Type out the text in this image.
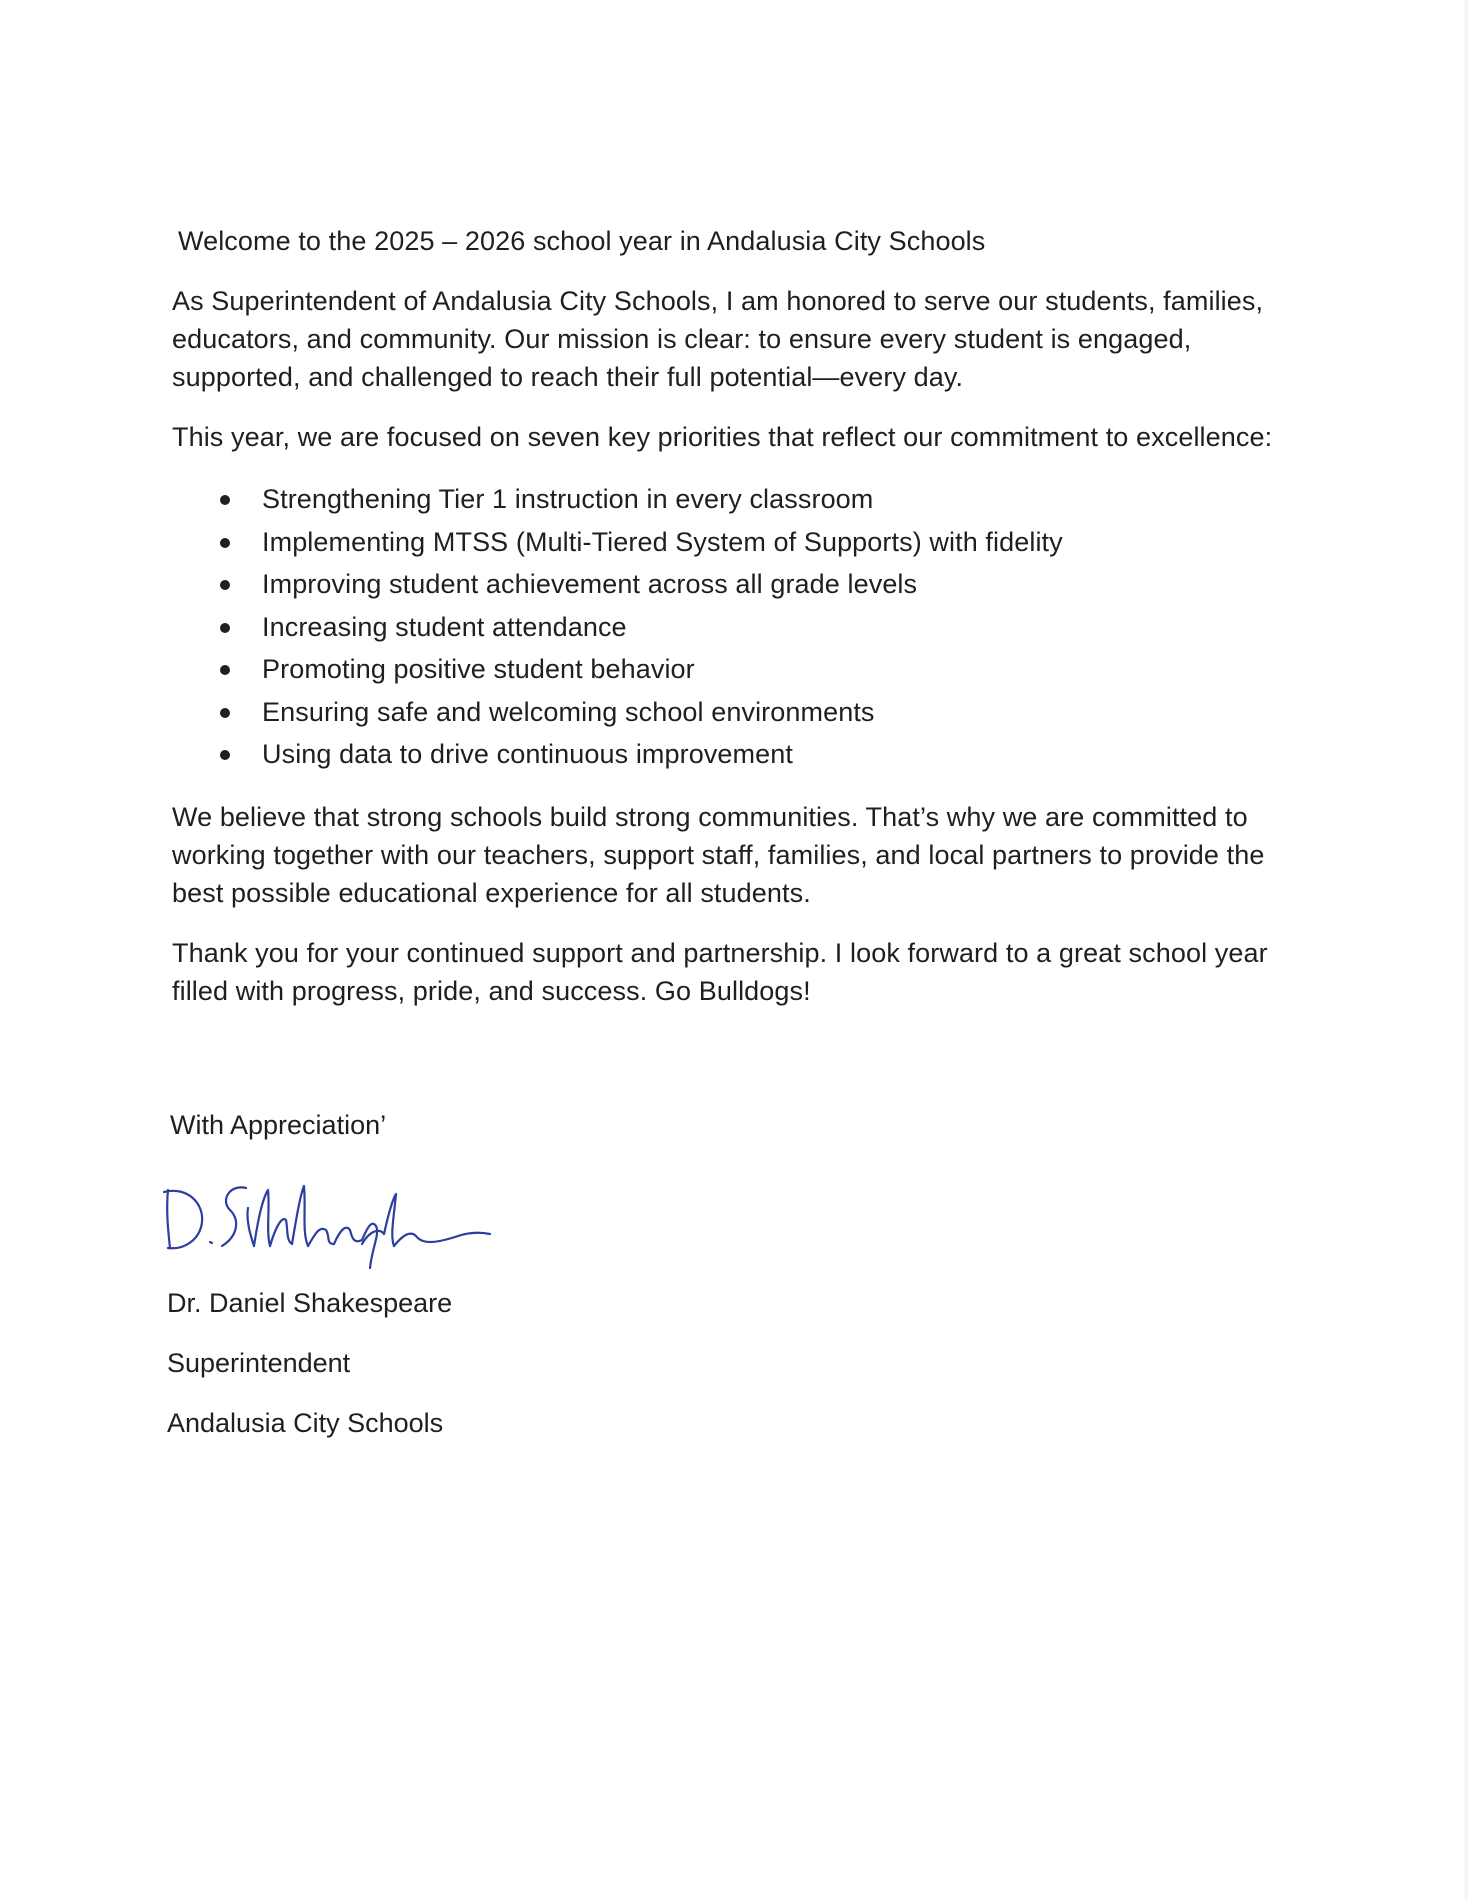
Welcome to the 2025 – 2026 school year in Andalusia City Schools

As Superintendent of Andalusia City Schools, I am honored to serve our students, families, educators, and community. Our mission is clear: to ensure every student is engaged, supported, and challenged to reach their full potential—every day.

This year, we are focused on seven key priorities that reflect our commitment to excellence:

Strengthening Tier 1 instruction in every classroom
Implementing MTSS (Multi-Tiered System of Supports) with fidelity
Improving student achievement across all grade levels
Increasing student attendance
Promoting positive student behavior
Ensuring safe and welcoming school environments
Using data to drive continuous improvement

We believe that strong schools build strong communities. That’s why we are committed to working together with our teachers, support staff, families, and local partners to provide the best possible educational experience for all students.

Thank you for your continued support and partnership. I look forward to a great school year filled with progress, pride, and success. Go Bulldogs!

With Appreciation’
Dr. Daniel Shakespeare
Superintendent
Andalusia City Schools
